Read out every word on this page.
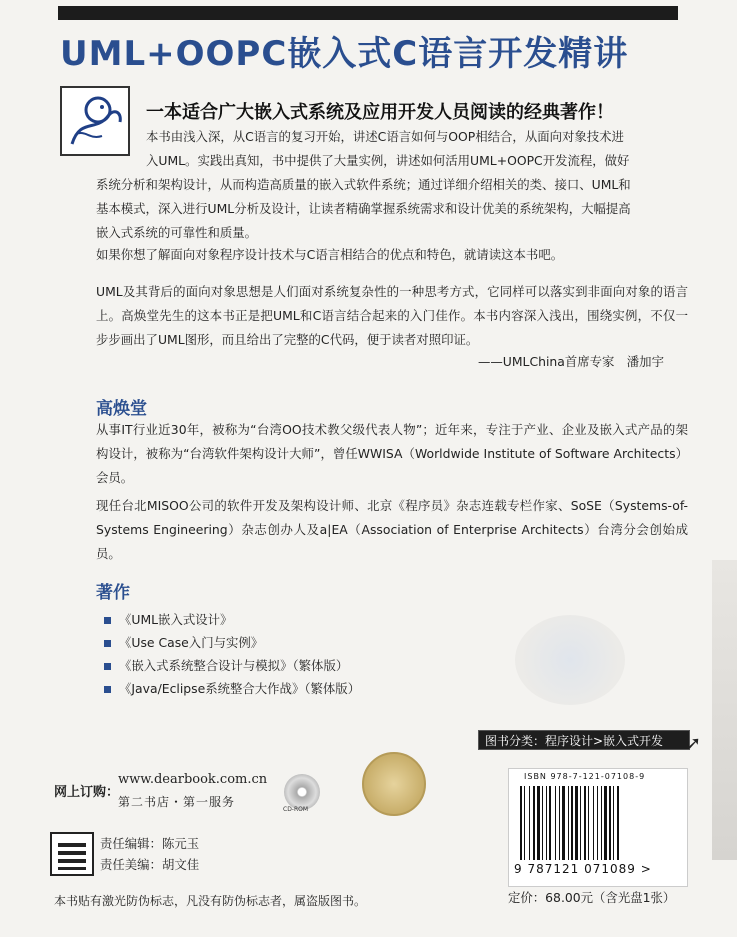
UML+OOPC嵌入式C语言开发精讲
一本适合广大嵌入式系统及应用开发人员阅读的经典著作！
本书由浅入深，从C语言的复习开始，讲述C语言如何与OOP相结合，从面向对象技术进
入UML。实践出真知，书中提供了大量实例，讲述如何活用UML+OOPC开发流程，做好
系统分析和架构设计，从而构造高质量的嵌入式软件系统；通过详细介绍相关的类、接口、UML和
基本模式，深入进行UML分析及设计，让读者精确掌握系统需求和设计优美的系统架构，大幅提高
嵌入式系统的可靠性和质量。
如果你想了解面向对象程序设计技术与C语言相结合的优点和特色，就请读这本书吧。
UML及其背后的面向对象思想是人们面对系统复杂性的一种思考方式，它同样可以落实到非面向对象的语言上。高焕堂先生的这本书正是把UML和C语言结合起来的入门佳作。本书内容深入浅出，围绕实例，不仅一步步画出了UML图形，而且给出了完整的C代码，便于读者对照印证。
——UMLChina首席专家　潘加宇
高焕堂
从事IT行业近30年，被称为“台湾OO技术教父级代表人物”；近年来，专注于产业、企业及嵌入式产品的架构设计，被称为“台湾软件架构设计大师”，曾任WWISA（Worldwide Institute of Software Architects）会员。
现任台北MISOO公司的软件开发及架构设计师、北京《程序员》杂志连载专栏作家、SoSE（Systems-of-Systems Engineering）杂志创办人及a|EA（Association of Enterprise Architects）台湾分会创始成员。
著作
《UML嵌入式设计》
《Use Case入门与实例》
《嵌入式系统整合设计与模拟》（繁体版）
《Java/Eclipse系统整合大作战》（繁体版）
图书分类：程序设计>嵌入式开发	➚
网上订购：
www.dearbook.com.cn
第二书店・第一服务
CD-ROM
责任编辑：陈元玉
责任美编：胡文佳
本书贴有激光防伪标志，凡没有防伪标志者，属盗版图书。
ISBN 978-7-121-07108-9
9 787121 071089 >
定价：68.00元（含光盘1张）
